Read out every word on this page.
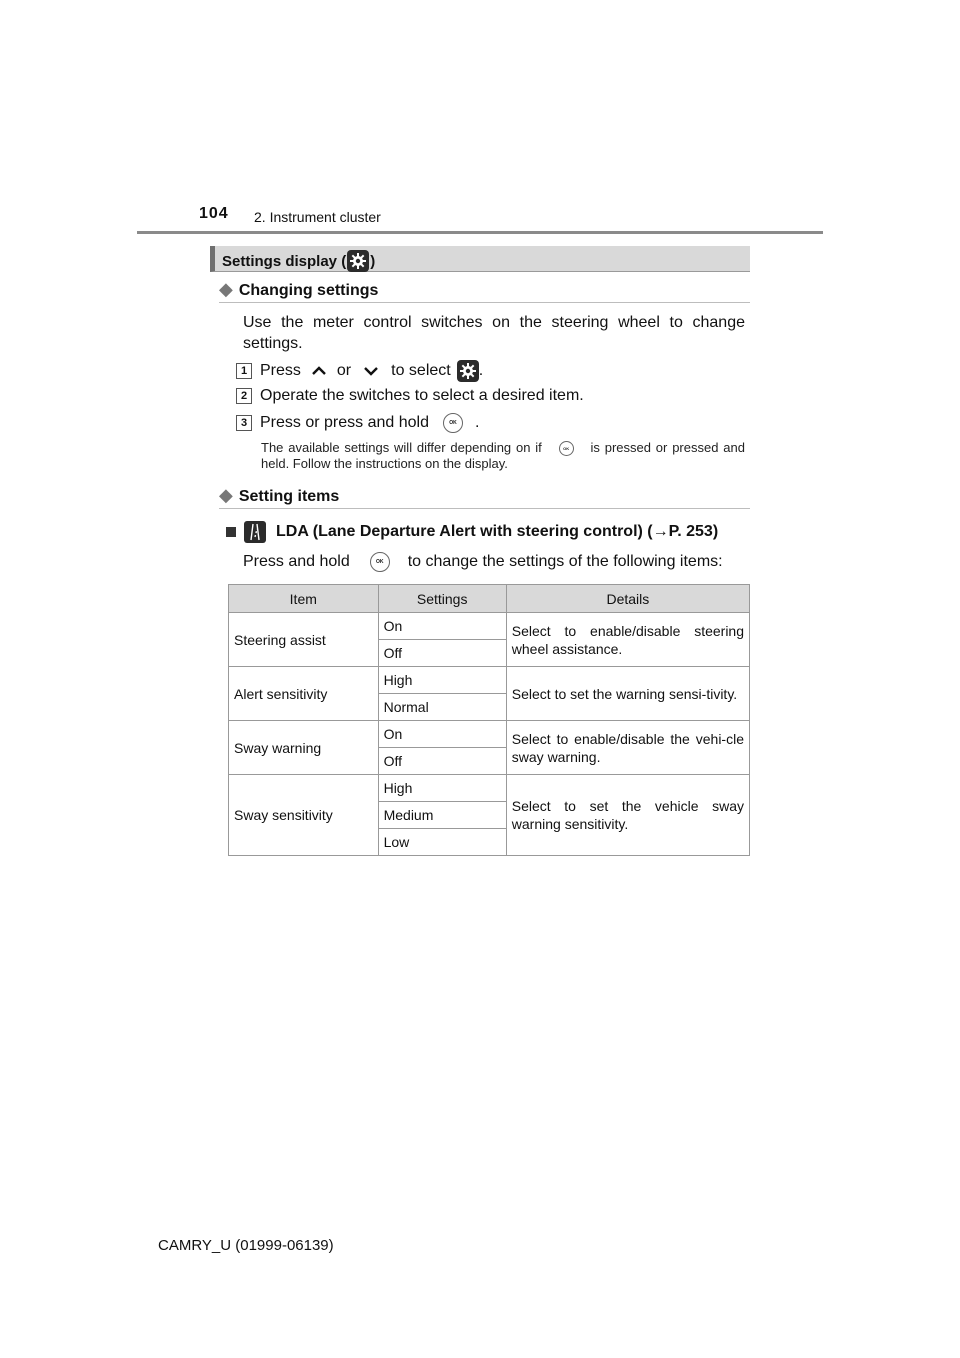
104 2. Instrument cluster
Settings display ( )
◆ Changing settings
Use the meter control switches on the steering wheel to change settings.
1 Press or	to select .
2 Operate the switches to select a desired item.
3 Press or press and hold	OK	.
The available settings will differ depending on if	OK is pressed or pressed and held. Follow the instructions on the display.
◆ Setting items
LDA (Lane Departure Alert with steering control) (→P. 253)
Press and hold	OK	to change the settings of the following items:
Item	Settings	Details
Steering assist	On	Select to enable/disable steering wheel assistance.
	Off	
Alert sensitivity	High	Select to set the warning sensi-tivity.
	Normal	
Sway warning	On	Select to enable/disable the vehi-cle sway warning.
	Off	
Sway sensitivity	High	Select to set the vehicle sway warning sensitivity.
	Medium	
	Low	
CAMRY_U (01999-06139)
